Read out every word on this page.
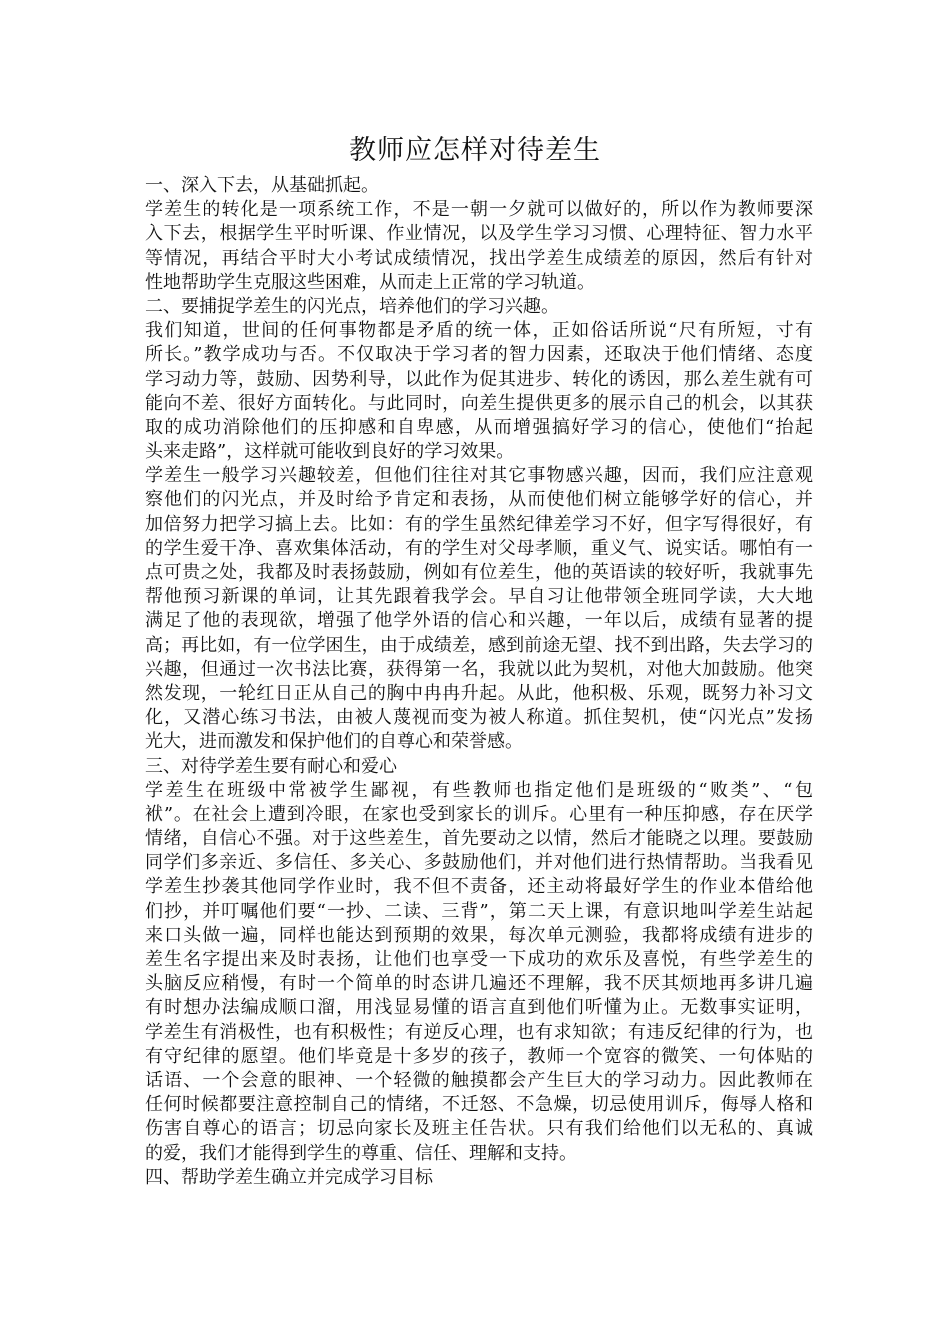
教师应怎样对待差生
一、深入下去，从基础抓起。
学差生的转化是一项系统工作，不是一朝一夕就可以做好的，所以作为教师要深
入下去，根据学生平时听课、作业情况，以及学生学习习惯、心理特征、智力水平
等情况，再结合平时大小考试成绩情况，找出学差生成绩差的原因，然后有针对
性地帮助学生克服这些困难，从而走上正常的学习轨道。
二、要捕捉学差生的闪光点，培养他们的学习兴趣。
我们知道，世间的任何事物都是矛盾的统一体，正如俗话所说“尺有所短，寸有
所长。”教学成功与否。不仅取决于学习者的智力因素，还取决于他们情绪、态度
学习动力等，鼓励、因势利导，以此作为促其进步、转化的诱因，那么差生就有可
能向不差、很好方面转化。与此同时，向差生提供更多的展示自己的机会，以其获
取的成功消除他们的压抑感和自卑感，从而增强搞好学习的信心，使他们“抬起
头来走路”，这样就可能收到良好的学习效果。
学差生一般学习兴趣较差，但他们往往对其它事物感兴趣，因而，我们应注意观
察他们的闪光点，并及时给予肯定和表扬，从而使他们树立能够学好的信心，并
加倍努力把学习搞上去。比如：有的学生虽然纪律差学习不好，但字写得很好，有
的学生爱干净、喜欢集体活动，有的学生对父母孝顺，重义气、说实话。哪怕有一
点可贵之处，我都及时表扬鼓励，例如有位差生，他的英语读的较好听，我就事先
帮他预习新课的单词，让其先跟着我学会。早自习让他带领全班同学读，大大地
满足了他的表现欲，增强了他学外语的信心和兴趣，一年以后，成绩有显著的提
高；再比如，有一位学困生，由于成绩差，感到前途无望、找不到出路，失去学习的
兴趣，但通过一次书法比赛，获得第一名，我就以此为契机，对他大加鼓励。他突
然发现，一轮红日正从自己的胸中冉冉升起。从此，他积极、乐观，既努力补习文
化，又潜心练习书法，由被人蔑视而变为被人称道。抓住契机，使“闪光点”发扬
光大，进而激发和保护他们的自尊心和荣誉感。
三、对待学差生要有耐心和爱心
学差生在班级中常被学生鄙视，有些教师也指定他们是班级的“败类”、“包
袱”。在社会上遭到冷眼，在家也受到家长的训斥。心里有一种压抑感，存在厌学
情绪，自信心不强。对于这些差生，首先要动之以情，然后才能晓之以理。要鼓励
同学们多亲近、多信任、多关心、多鼓励他们，并对他们进行热情帮助。当我看见
学差生抄袭其他同学作业时，我不但不责备，还主动将最好学生的作业本借给他
们抄，并叮嘱他们要“一抄、二读、三背”，第二天上课，有意识地叫学差生站起
来口头做一遍，同样也能达到预期的效果，每次单元测验，我都将成绩有进步的
差生名字提出来及时表扬，让他们也享受一下成功的欢乐及喜悦，有些学差生的
头脑反应稍慢，有时一个简单的时态讲几遍还不理解，我不厌其烦地再多讲几遍
有时想办法编成顺口溜，用浅显易懂的语言直到他们听懂为止。无数事实证明，
学差生有消极性，也有积极性；有逆反心理，也有求知欲；有违反纪律的行为，也
有守纪律的愿望。他们毕竟是十多岁的孩子，教师一个宽容的微笑、一句体贴的
话语、一个会意的眼神、一个轻微的触摸都会产生巨大的学习动力。因此教师在
任何时候都要注意控制自己的情绪，不迁怒、不急燥，切忌使用训斥，侮辱人格和
伤害自尊心的语言；切忌向家长及班主任告状。只有我们给他们以无私的、真诚
的爱，我们才能得到学生的尊重、信任、理解和支持。
四、帮助学差生确立并完成学习目标
